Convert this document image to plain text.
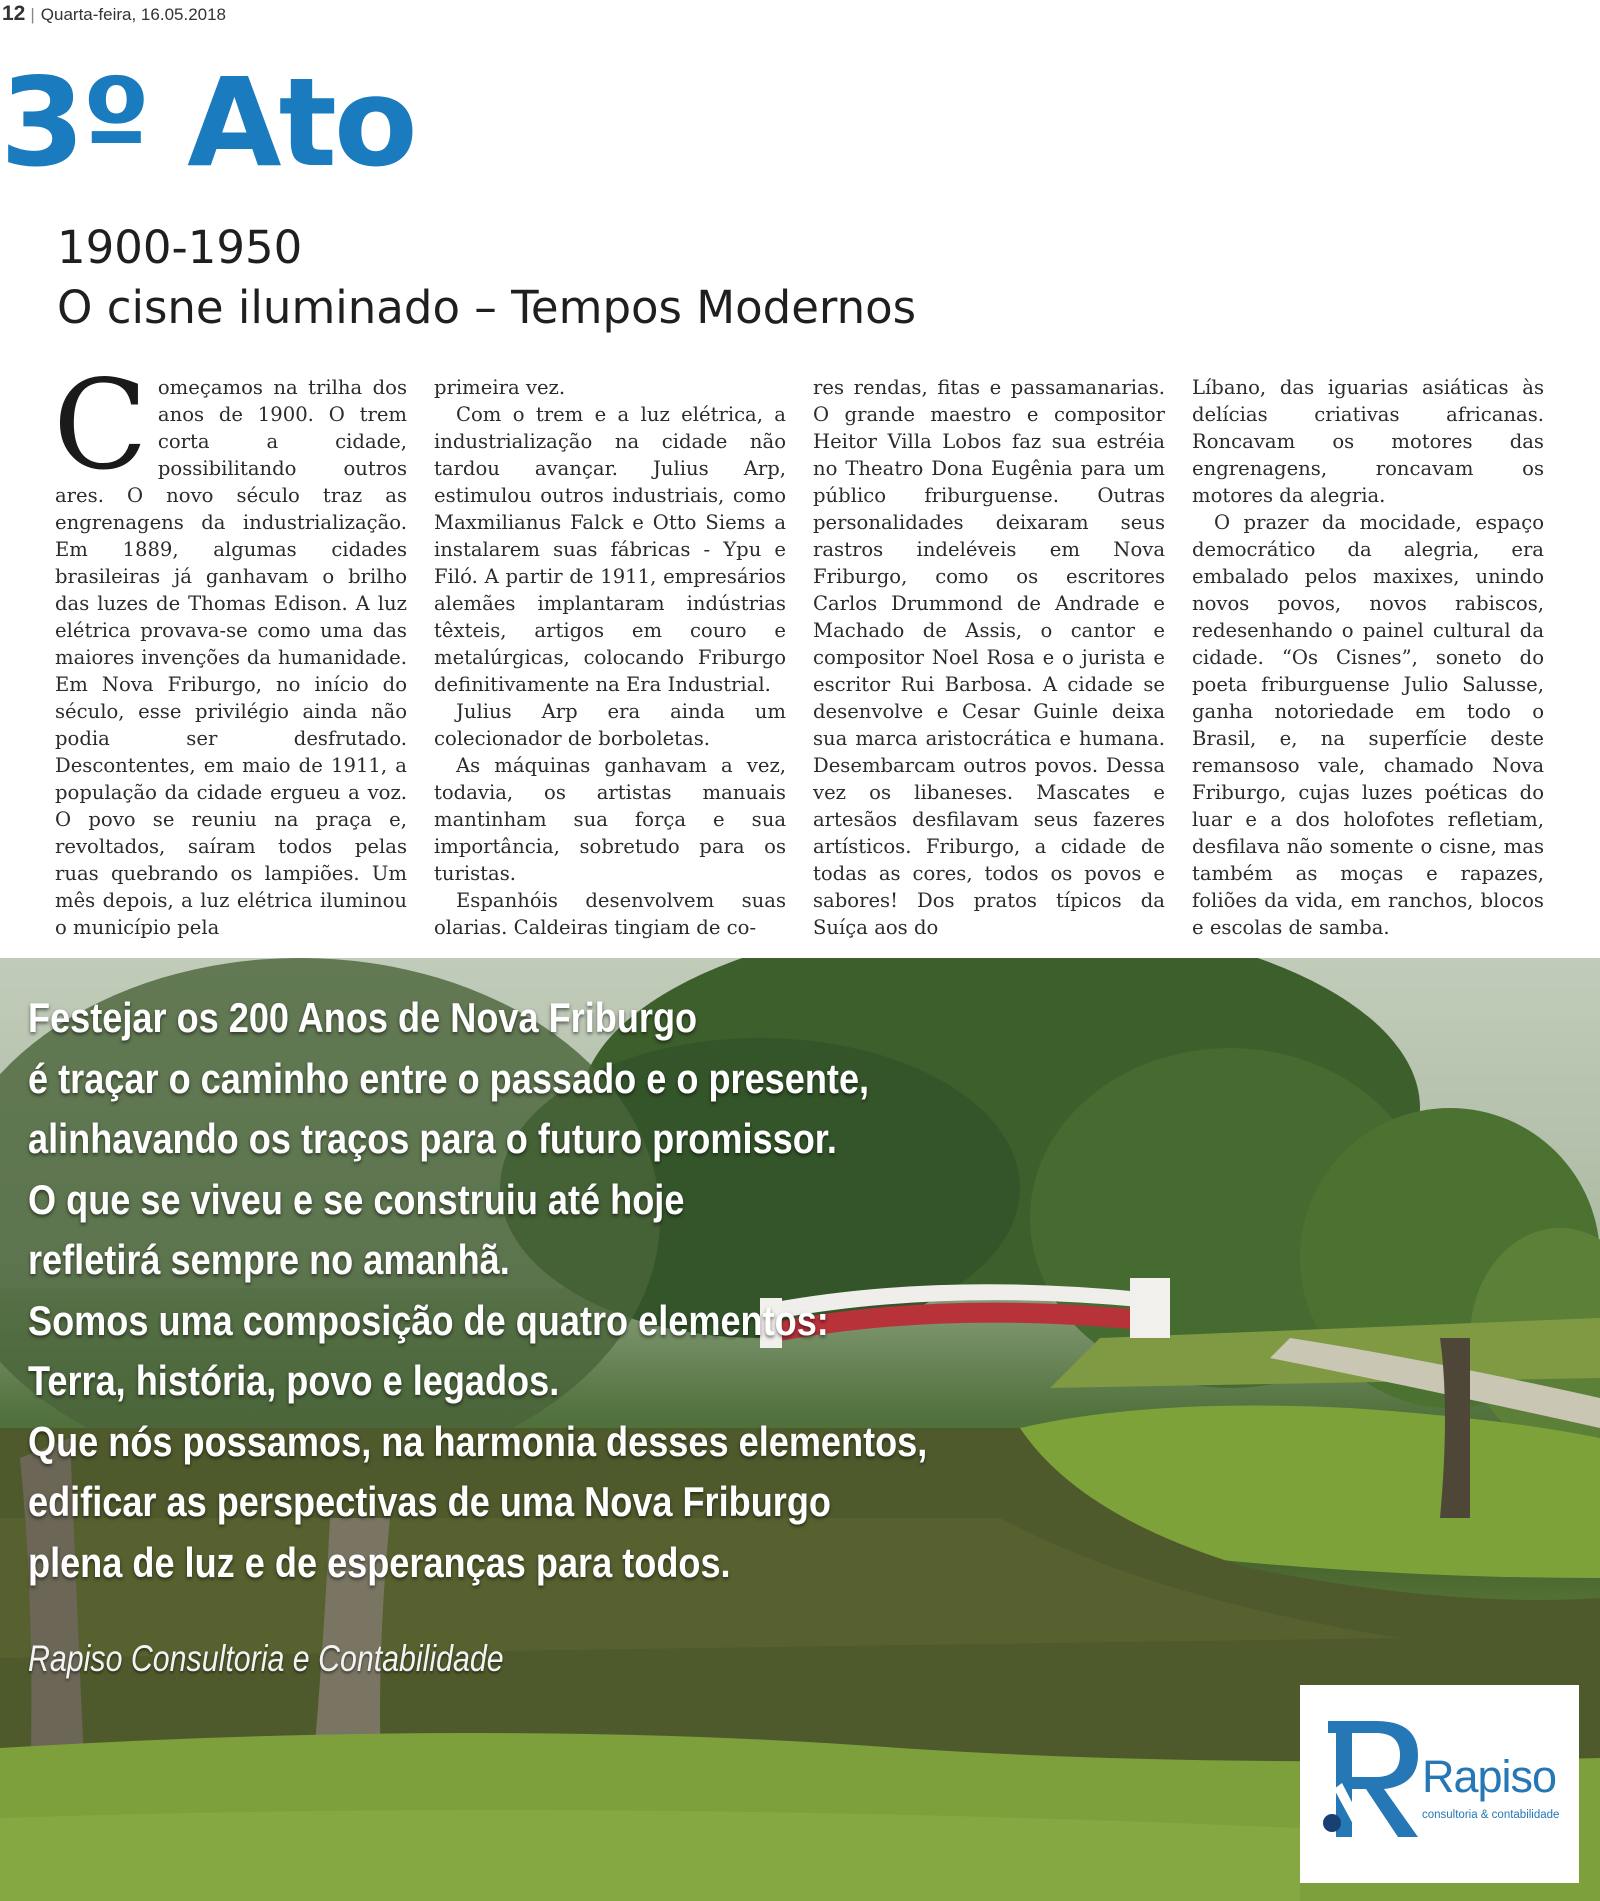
12 | Quarta-feira, 16.05.2018
3º Ato
1900-1950
O cisne iluminado – Tempos Modernos

Começamos na trilha dos anos de 1900. O trem corta a cidade, possibilitando outros ares. O novo século traz as engrenagens da industrialização. Em 1889, algumas cidades brasileiras já ganhavam o brilho das luzes de Thomas Edison. A luz elétrica provava-se como uma das maiores invenções da humanidade. Em Nova Friburgo, no início do século, esse privilégio ainda não podia ser desfrutado. Descontentes, em maio de 1911, a população da cidade ergueu a voz. O povo se reuniu na praça e, revoltados, saíram todos pelas ruas quebrando os lampiões. Um mês depois, a luz elétrica iluminou o município pela

primeira vez.

Com o trem e a luz elétrica, a industrialização na cidade não tardou avançar. Julius Arp, estimulou outros industriais, como Maxmilianus Falck e Otto Siems a instalarem suas fábricas - Ypu e Filó. A partir de 1911, empresários alemães implantaram indústrias têxteis, artigos em couro e metalúrgicas, colocando Friburgo definitivamente na Era Industrial.

Julius Arp era ainda um colecionador de borboletas.

As máquinas ganhavam a vez, todavia, os artistas manuais mantinham sua força e sua importância, sobretudo para os turistas.

Espanhóis desenvolvem suas olarias. Caldeiras tingiam de co-

res rendas, fitas e passamanarias. O grande maestro e compositor Heitor Villa Lobos faz sua estréia no Theatro Dona Eugênia para um público friburguense. Outras personalidades deixaram seus rastros indeléveis em Nova Friburgo, como os escritores Carlos Drummond de Andrade e Machado de Assis, o cantor e compositor Noel Rosa e o jurista e escritor Rui Barbosa. A cidade se desenvolve e Cesar Guinle deixa sua marca aristocrática e humana. Desembarcam outros povos. Dessa vez os libaneses. Mascates e artesãos desfilavam seus fazeres artísticos. Friburgo, a cidade de todas as cores, todos os povos e sabores! Dos pratos típicos da Suíça aos do

Líbano, das iguarias asiáticas às delícias criativas africanas. Roncavam os motores das engrenagens, roncavam os motores da alegria.

O prazer da mocidade, espaço democrático da alegria, era embalado pelos maxixes, unindo novos povos, novos rabiscos, redesenhando o painel cultural da cidade. “Os Cisnes”, soneto do poeta friburguense Julio Salusse, ganha notoriedade em todo o Brasil, e, na superfície deste remansoso vale, chamado Nova Friburgo, cujas luzes poéticas do luar e a dos holofotes refletiam, desfilava não somente o cisne, mas também as moças e rapazes, foliões da vida, em ranchos, blocos e escolas de samba.

Festejar os 200 Anos de Nova Friburgo
é traçar o caminho entre o passado e o presente,
alinhavando os traços para o futuro promissor.
O que se viveu e se construiu até hoje
refletirá sempre no amanhã.
Somos uma composição de quatro elementos:
Terra, história, povo e legados.
Que nós possamos, na harmonia desses elementos,
edificar as perspectivas de uma Nova Friburgo
plena de luz e de esperanças para todos.
Rapiso Consultoria e Contabilidade
Rapiso
consultoria & contabilidade
